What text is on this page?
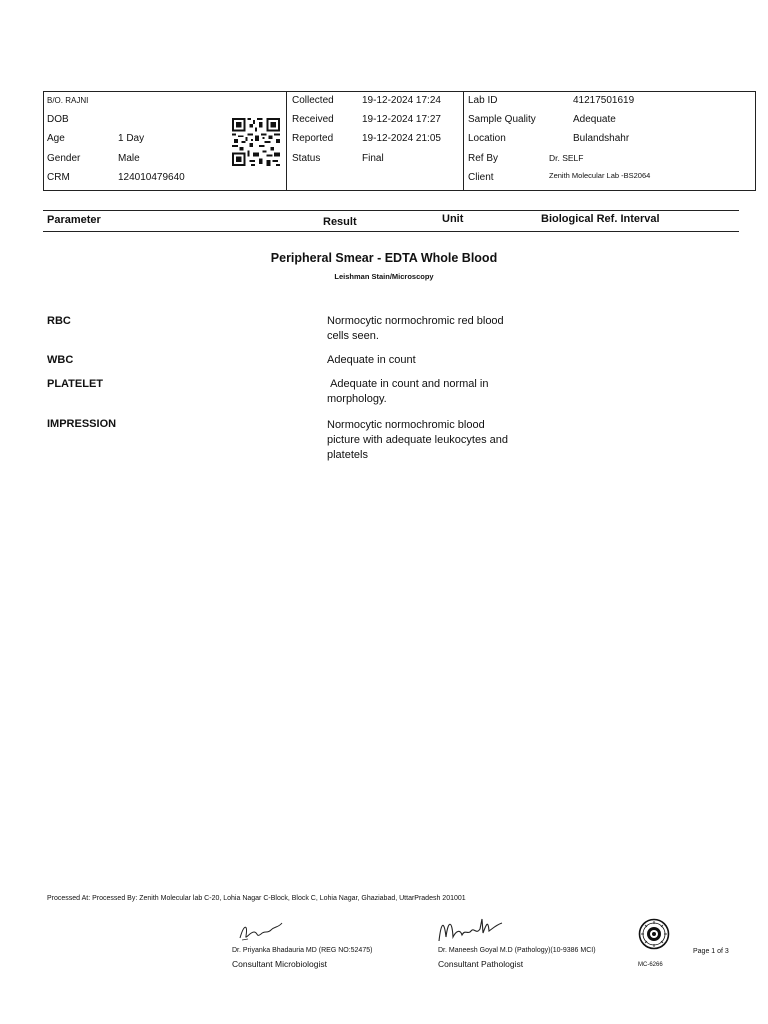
B/O. RAJNI
DOB
Age	1 Day
Gender	Male
CRM	124010479640
Collected	19-12-2024 17:24
Received	19-12-2024 17:27
Reported	19-12-2024 21:05
Status	Final
Lab ID	41217501619
Sample Quality	Adequate
Location	Bulandshahr
Ref By	Dr. SELF
Client	Zenith Molecular Lab -BS2064
Parameter	Result	Unit	Biological Ref. Interval
Peripheral Smear - EDTA Whole Blood
Leishman Stain/Microscopy
RBC	Normocytic normochromic red blood cells seen.
WBC	Adequate in count
PLATELET	Adequate in count and normal in morphology.
IMPRESSION	Normocytic normochromic blood picture with adequate leukocytes and platetels
Processed At: Processed By: Zenith Molecular lab C-20, Lohia Nagar C-Block, Block C, Lohia Nagar, Ghaziabad, UttarPradesh 201001
Dr. Priyanka Bhadauria MD (REG NO:52475)
Consultant Microbiologist
Dr. Maneesh Goyal M.D (Pathology)(10-9386 MCI)
Consultant Pathologist	MC-6266
Page 1 of 3
